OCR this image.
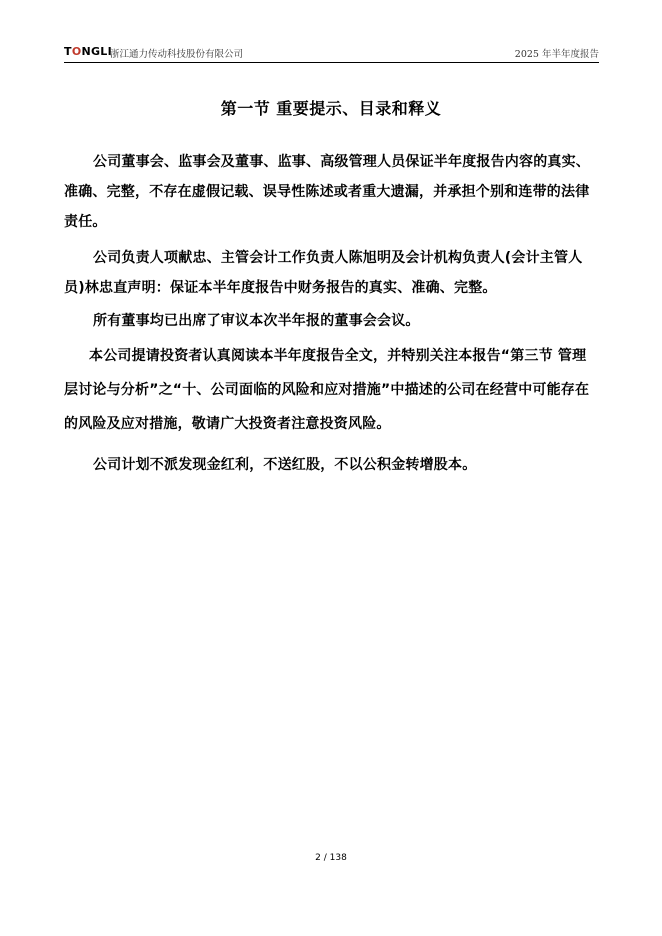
TONGLI
浙江通力传动科技股份有限公司	2025 年半年度报告
第一节 重要提示、目录和释义
公司董事会、监事会及董事、监事、高级管理人员保证半年度报告内容的真实、准确、完整，不存在虚假记载、误导性陈述或者重大遗漏，并承担个别和连带的法律责任。
公司负责人项献忠、主管会计工作负责人陈旭明及会计机构负责人(会计主管人员)林忠直声明：保证本半年度报告中财务报告的真实、准确、完整。
所有董事均已出席了审议本次半年报的董事会会议。
本公司提请投资者认真阅读本半年度报告全文，并特别关注本报告“第三节 管理层讨论与分析”之“十、公司面临的风险和应对措施”中描述的公司在经营中可能存在的风险及应对措施，敬请广大投资者注意投资风险。
公司计划不派发现金红利，不送红股，不以公积金转增股本。
2 / 138
